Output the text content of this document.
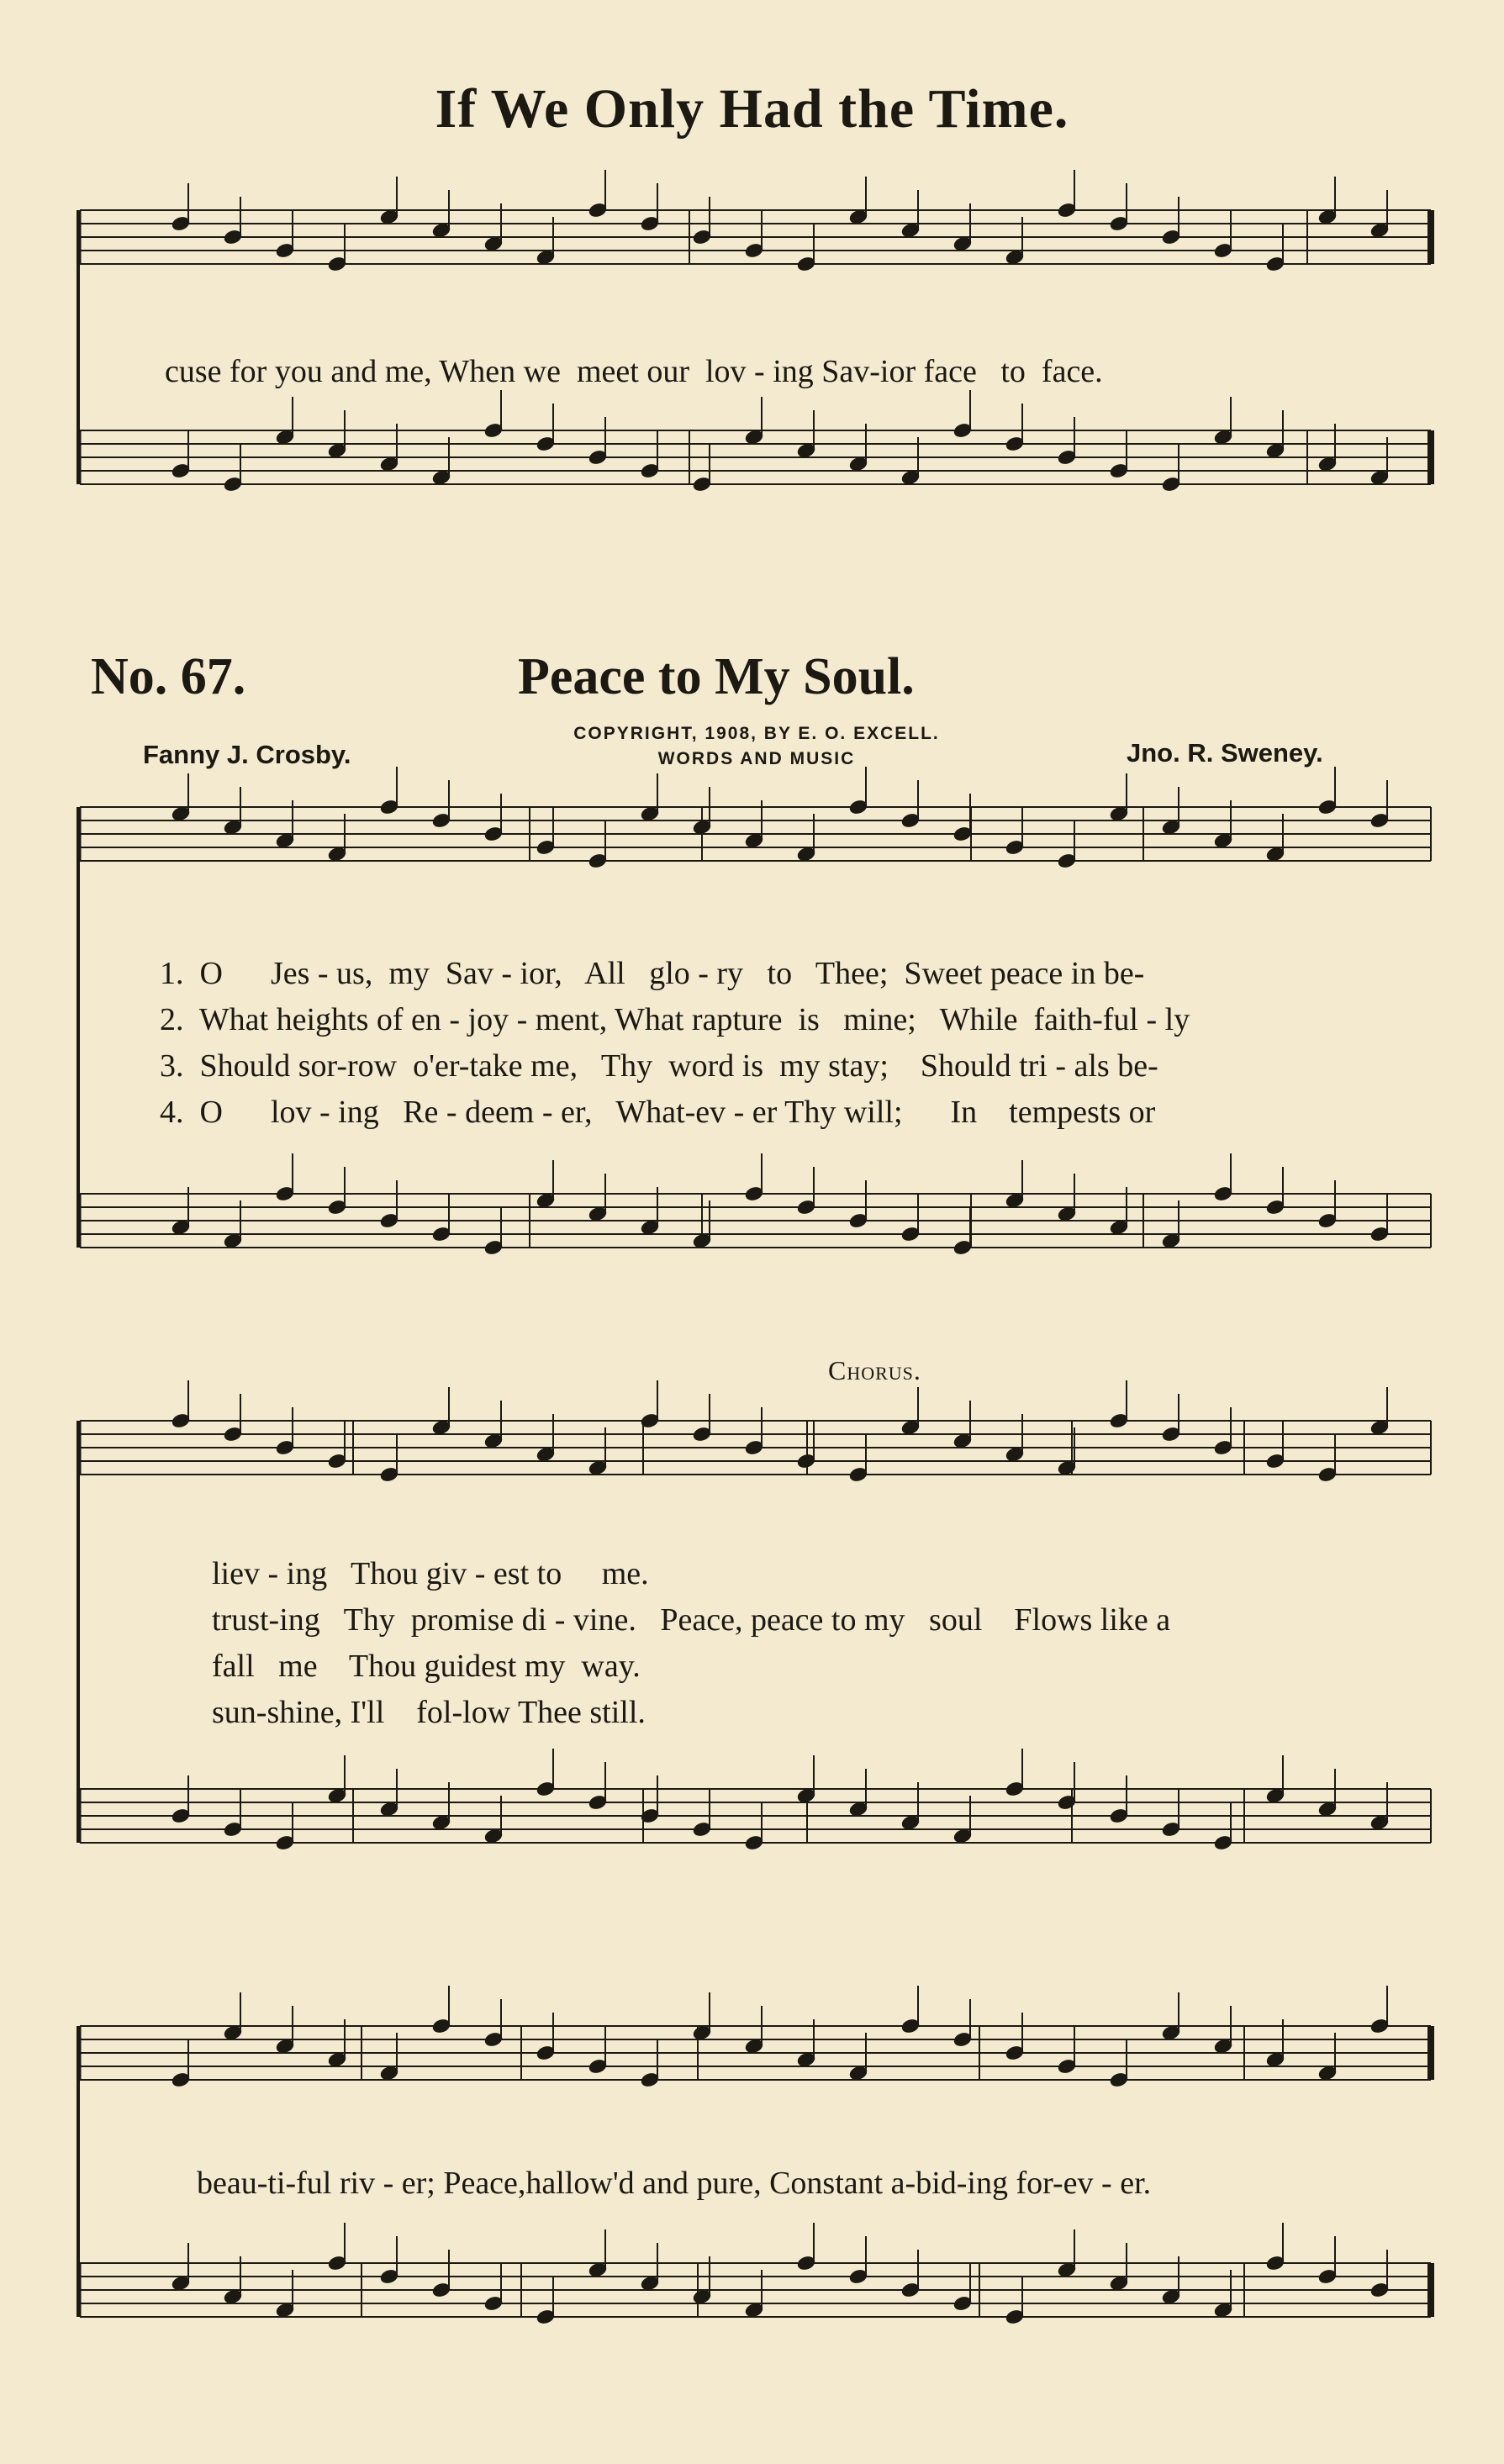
If We Only Had the Time.
cuse for you and me, When we  meet our  lov - ing Sav-ior face   to  face.
No. 67.	Peace to My Soul.
Fanny J. Crosby.
COPYRIGHT, 1908, BY E. O. EXCELL.
WORDS AND MUSIC	Jno. R. Sweney.
1.  O      Jes - us,  my  Sav - ior,   All   glo - ry   to   Thee;  Sweet peace in be-
2.  What heights of en - joy - ment, What rapture  is   mine;   While  faith-ful - ly
3.  Should sor-row  o'er-take me,   Thy  word is  my stay;    Should tri - als be-
4.  O      lov - ing   Re - deem - er,   What-ev - er Thy will;      In    tempests or
Chorus.
liev - ing   Thou giv - est to     me.
trust-ing   Thy  promise di - vine.   Peace, peace to my   soul    Flows like a
fall   me    Thou guidest my  way.
sun-shine, I'll    fol-low Thee still.
beau-ti-ful riv - er; Peace,hallow'd and pure, Constant a-bid-ing for-ev - er.
